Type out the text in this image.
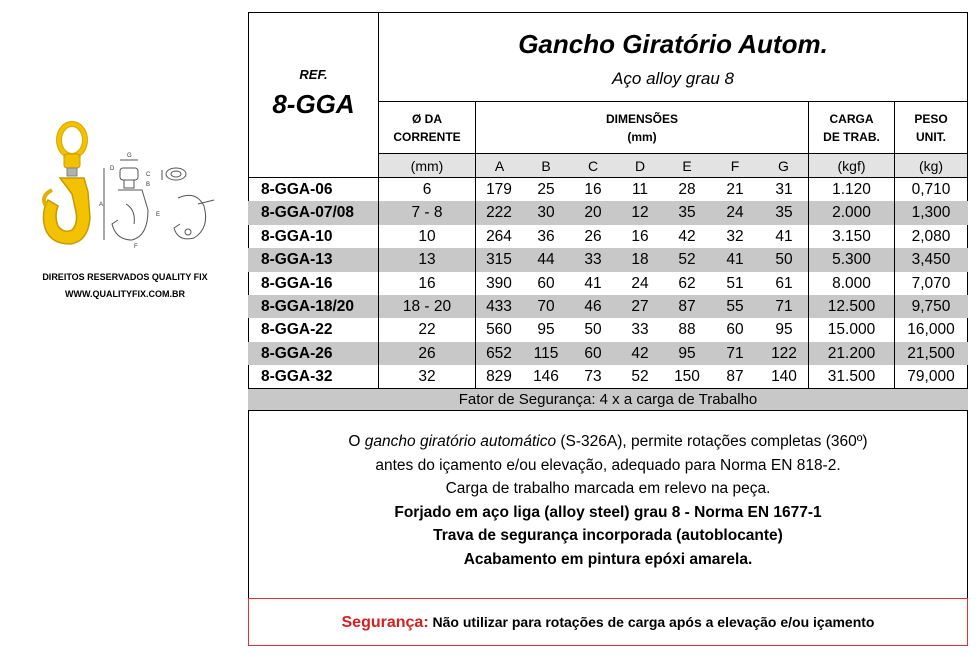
G
D
C
B
A
E
F
DIREITOS RESERVADOS QUALITY FIX
WWW.QUALITYFIX.COM.BR
REF.
8-GGA
Gancho Giratório Autom.
Aço alloy grau 8
Ø DA
CORRENTE
DIMENSÕES
(mm)
CARGA
DE TRAB.
PESO
UNIT.
(mm)	A	B	C	D	E	F	G	(kgf)	(kg)
8-GGA-06	6	179	25	16	11	28	21	31	1.120	0,710
8-GGA-07/08	7 - 8	222	30	20	12	35	24	35	2.000	1,300
8-GGA-10	10	264	36	26	16	42	32	41	3.150	2,080
8-GGA-13	13	315	44	33	18	52	41	50	5.300	3,450
8-GGA-16	16	390	60	41	24	62	51	61	8.000	7,070
8-GGA-18/20	18 - 20	433	70	46	27	87	55	71	12.500	9,750
8-GGA-22	22	560	95	50	33	88	60	95	15.000	16,000
8-GGA-26	26	652	115	60	42	95	71	122	21.200	21,500
8-GGA-32	32	829	146	73	52	150	87	140	31.500	79,000
Fator de Segurança: 4 x a carga de Trabalho
O gancho giratório automático (S-326A), permite rotações completas (360º)
antes do içamento e/ou elevação, adequado para Norma EN 818-2.
Carga de trabalho marcada em relevo na peça.
Forjado em aço liga (alloy steel) grau 8 - Norma EN 1677-1
Trava de segurança incorporada (autoblocante)
Acabamento em pintura epóxi amarela.
Segurança: Não utilizar para rotações de carga após a elevação e/ou içamento
